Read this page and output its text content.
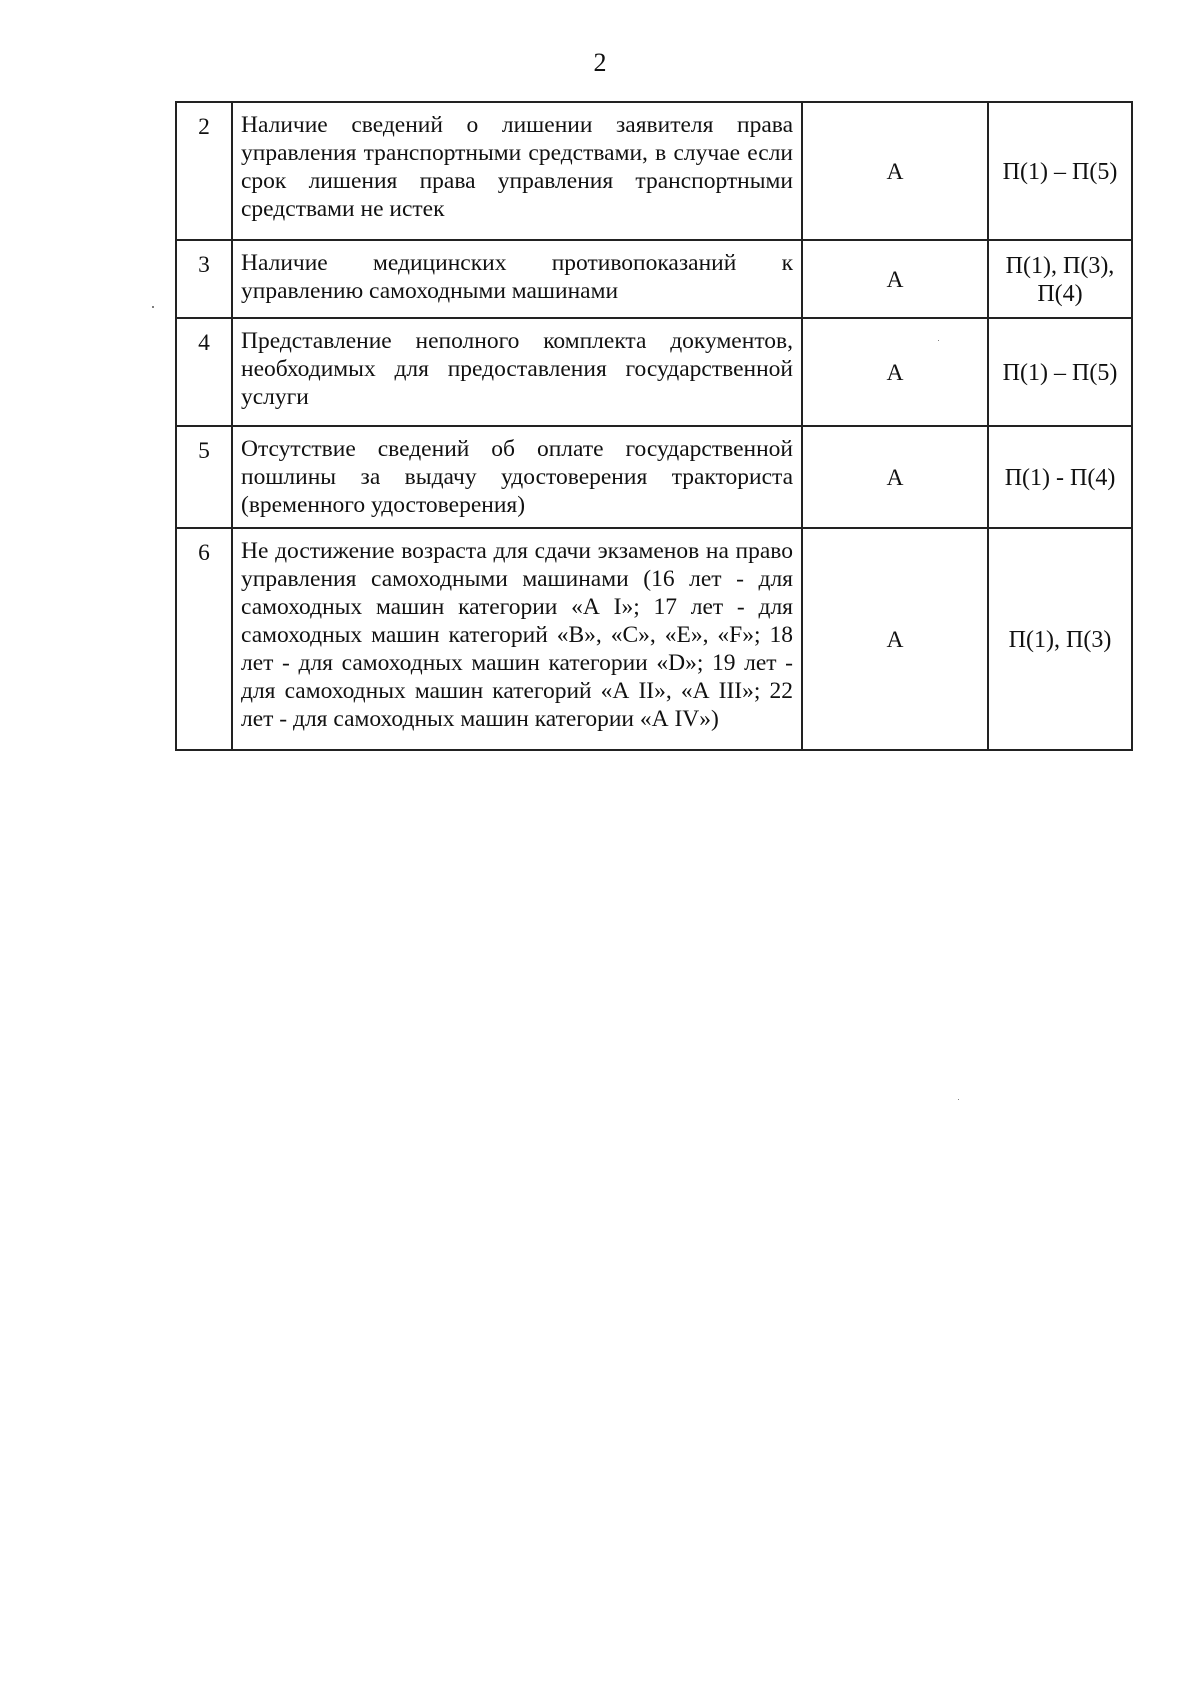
2
2	Наличие сведений о лишении заявителя права управления транспортными средствами, в случае если срок лишения права управления транспортными средствами не истек	А	П(1) – П(5)
3	Наличие медицинских противопоказаний к управлению самоходными машинами	А	П(1), П(3), П(4)
4	Представление неполного комплекта документов, необходимых для предоставления государственной услуги	А	П(1) – П(5)
5	Отсутствие сведений об оплате государственной пошлины за выдачу удостоверения тракториста (временного удостоверения)	А	П(1) - П(4)
6	Не достижение возраста для сдачи экзаменов на право управления самоходными машинами (16 лет - для самоходных машин категории «А I»; 17 лет - для самоходных машин категорий «В», «С», «Е», «F»; 18 лет - для самоходных машин категории «D»; 19 лет - для самоходных машин категорий «А II», «А III»; 22 лет - для самоходных машин категории «А IV»)	А	П(1), П(3)
